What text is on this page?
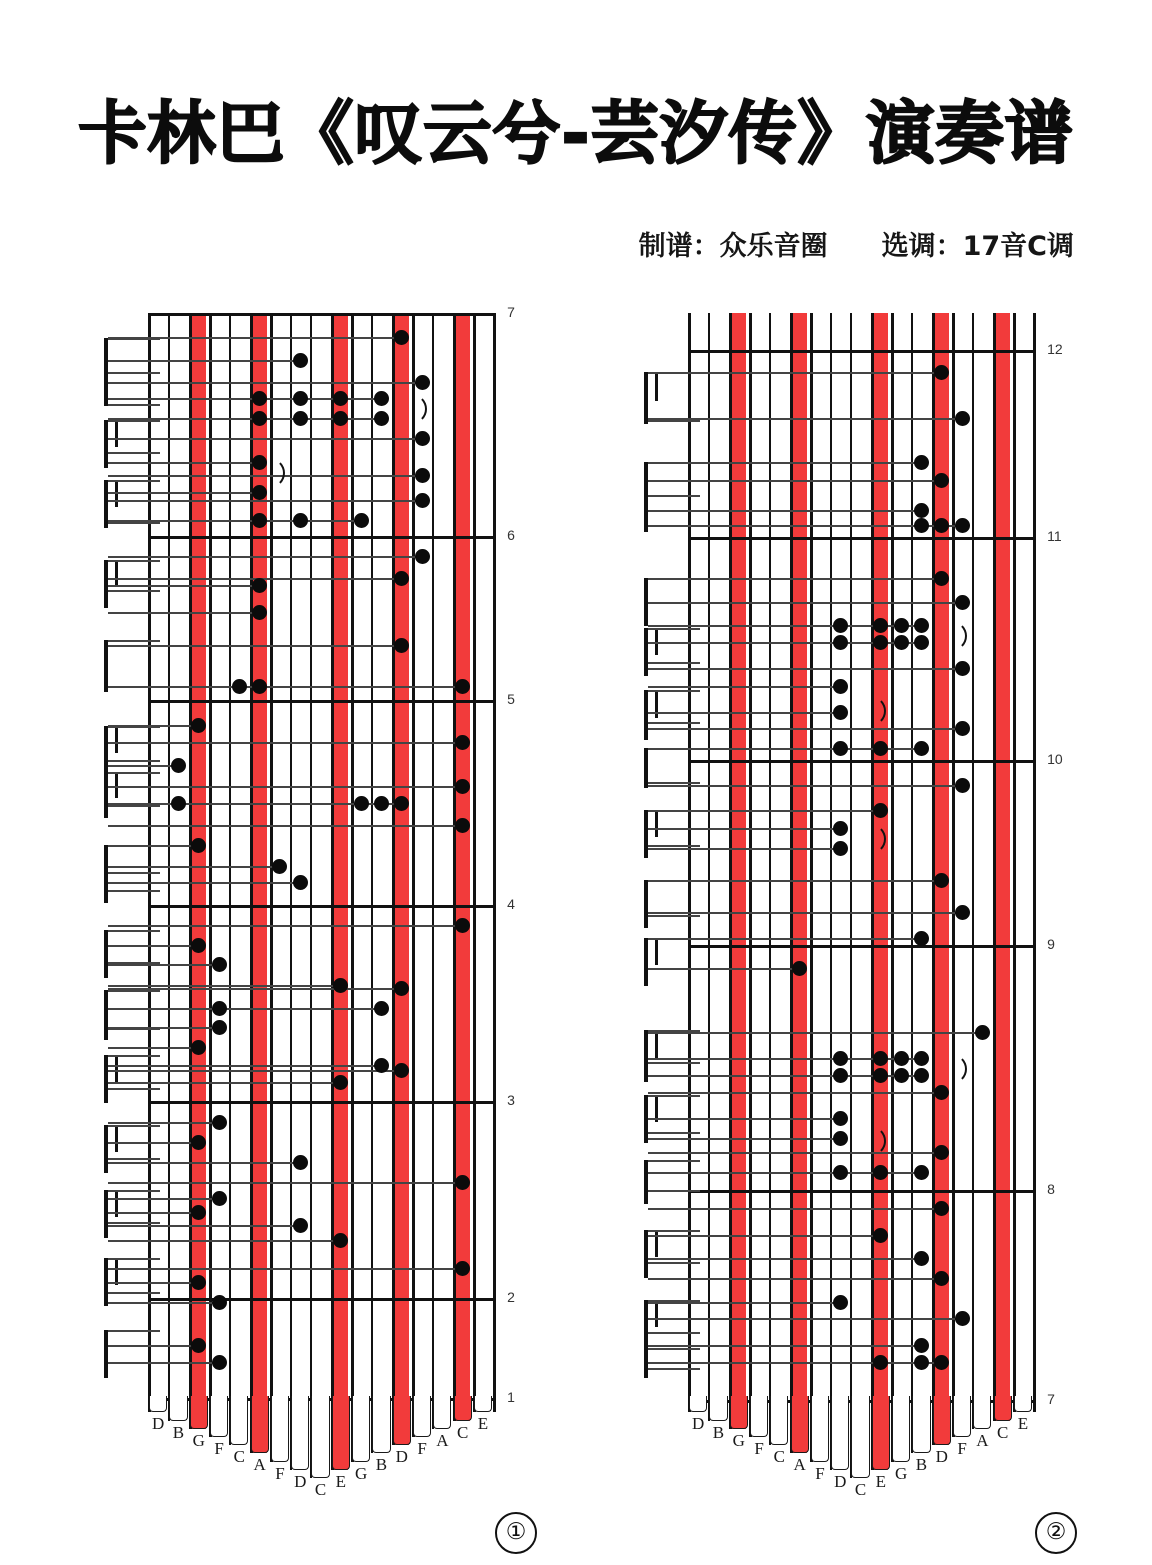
卡林巴《叹云兮-芸汐传》演奏谱
制谱：众乐音圈　　选调：17音C调
7
6
5
4
3
2
1
D B G F C A F D C E G B D F A C E
①
12
11
10
9
8
7
D B G F C A F D C E G B D F A C E
②
